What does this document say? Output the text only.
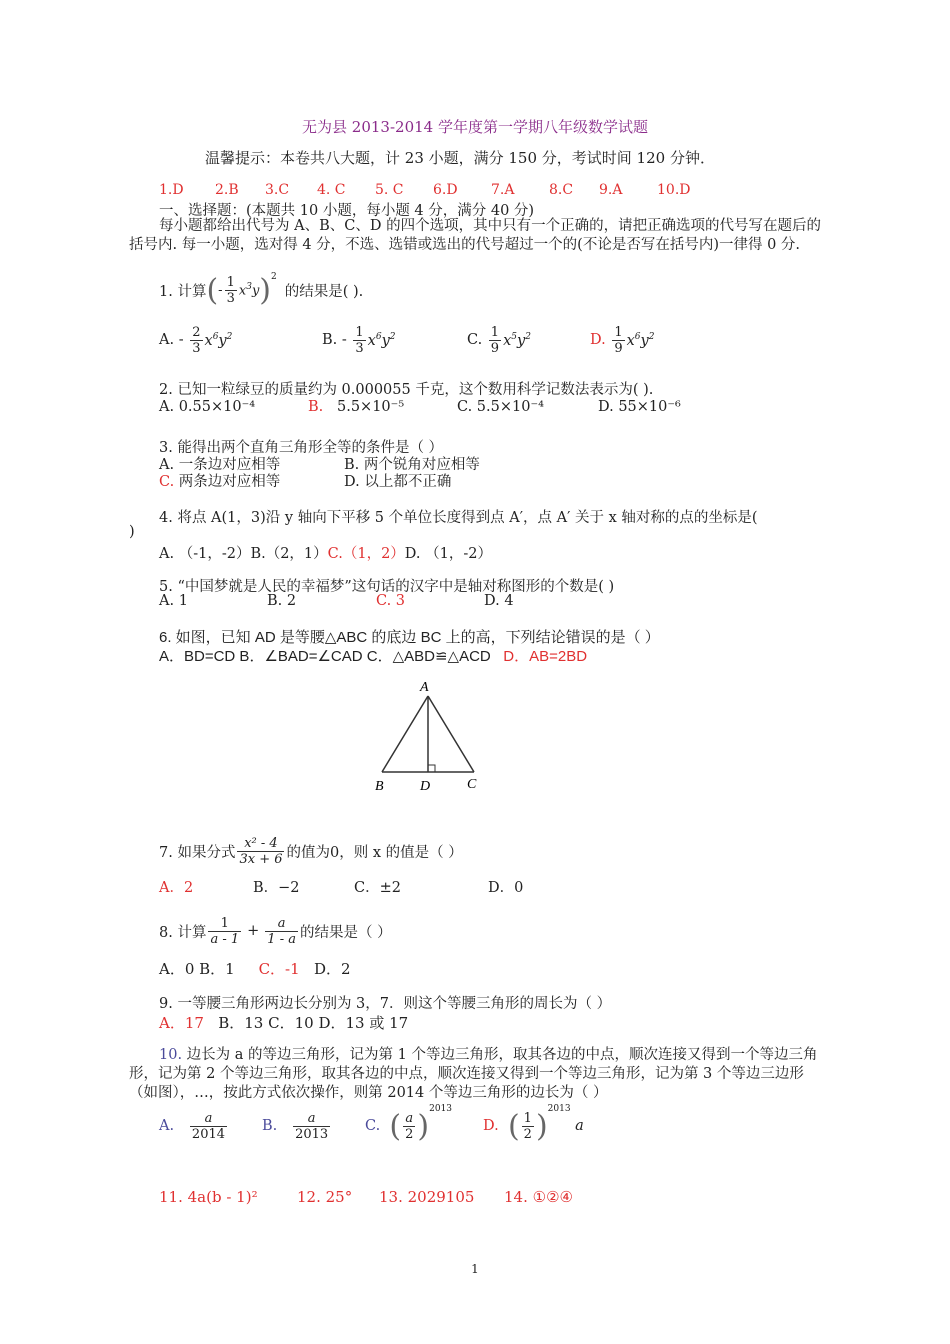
无为县 2013-2014 学年度第一学期八年级数学试题
温馨提示：本卷共八大题，计 23 小题，满分 150 分，考试时间 120 分钟．
1.D 2.B 3.C 4. C 5. C 6.D 7.A 8.C 9.A 10.D
一、选择题：(本题共 10 小题，每小题 4 分，满分 40 分)
每小题都给出代号为 A、B、C、D 的四个选项，其中只有一个正确的，请把正确选项的代号写在题后的括号内. 每一小题，选对得 4 分，不选、选错或选出的代号超过一个的(不论是否写在括号内)一律得 0 分.
1. 计算 ( - $\frac{1}{3} x^3y$ )$^2$
的结果是( ).
A. - $\frac{2}{3} x^6y^2$	B. - $\frac{1}{3} x^6y^2$	C.
$\frac{1}{9} x^5y^2$	D.
$\frac{1}{9} x^6y^2$
2. 已知一粒绿豆的质量约为 0.000055 千克，这个数用科学记数法表示为( ).
A. 0.55×10⁻⁴	B. 5.5×10⁻⁵	C. 5.5×10⁻⁴	D. 55×10⁻⁶
3. 能得出两个直角三角形全等的条件是（ ）
A. 一条边对应相等	B. 两个锐角对应相等
C. 两条边对应相等	D. 以上都不正确
4. 将点 A(1，3)沿 y 轴向下平移 5 个单位长度得到点 A′，点 A′ 关于 x 轴对称的点的坐标是(
)
A. （-1，-2）B.（2，1）C.（1，2）D. （1，-2）
5. “中国梦就是人民的幸福梦”这句话的汉字中是轴对称图形的个数是( )
A. 1	B. 2	C. 3	D. 4
6. 如图，已知 AD 是等腰△ABC 的底边 BC 上的高，下列结论错误的是（ ）
A．BD=CD B．∠BAD=∠CAD C．△ABD≌△ACD D．AB=2BD
A
B	D	C
7. 如果分式 $\frac{\text{x² - 4}}{3x + 6}$ 的值为0，则 x 的值是（ ）
A．2	B．−2	C．±2	D．0
8. 计算 $\frac{1}{a - 1} + \frac{a}{1 - a}$ 的结果是（ ）
A．0 B．1 C．-1 D．2
9. 一等腰三角形两边长分别为 3，7．则这个等腰三角形的周长为（ ）
A．17 B．13 C．10 D．13 或 17
10. 边长为 a 的等边三角形，记为第 1 个等边三角形，取其各边的中点，顺次连接又得到一个等边三角形，记为第 2 个等边三角形，取其各边的中点，顺次连接又得到一个等边三角形，记为第 3 个等边三边形（如图），…，按此方式依次操作，则第 2014 个等边三角形的边长为（ ）
A.
$\frac{a}{2014} B$.
$\frac{a}{2013} C$.
( $\frac{a}{2} )^{2013}$
D.
( $\frac{1}{2} )^{2013}$

a
11. 4a(b - 1)²	12. 25° 13. 2029105 14. ①②④
1
